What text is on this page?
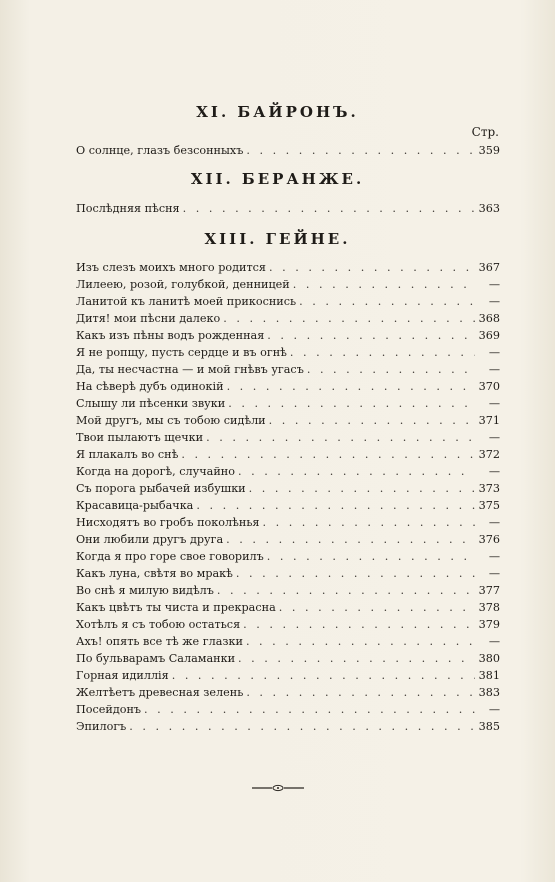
XI. БАЙРОНЪ.
Стр.
О солнце, глазъ безсонныхъ . . .	359
XII. БЕРАНЖЕ.
Послѣдняя пѣсня . . .	363
XIII. ГЕЙНЕ.
Изъ слезъ моихъ много родится . . .	367
Лилеею, розой, голубкой, денницей . . .	—
Ланитой къ ланитѣ моей прикоснись . . .	—
Дитя! мои пѣсни далеко . . .	368
Какъ изъ пѣны водъ рожденная . . .	369
Я не ропщу, пусть сердце и въ огнѣ . . .	—
Да, ты несчастна — и мой гнѣвъ угасъ . . .	—
На сѣверѣ дубъ одинокій . . .	370
Слышу ли пѣсенки звуки . . .	—
Мой другъ, мы съ тобою сидѣли . . .	371
Твои пылаютъ щечки . . .	—
Я плакалъ во снѣ . . .	372
Когда на дорогѣ, случайно . . .	—
Съ порога рыбачей избушки . . .	373
Красавица-рыбачка . . .	375
Нисходятъ во гробъ поколѣнья . . .	—
Они любили другъ друга . . .	376
Когда я про горе свое говорилъ . . .	—
Какъ луна, свѣтя во мракѣ . . .	—
Во снѣ я милую видѣлъ . . .	377
Какъ цвѣтъ ты чиста и прекрасна . . .	378
Хотѣлъ я съ тобою остаться . . .	379
Ахъ! опять все тѣ же глазки . . .	—
По бульварамъ Саламанки . . .	380
Горная идиллія . . .	381
Желтѣетъ древесная зелень . . .	383
Посейдонъ . . .	—
Эпилогъ . . .	385
